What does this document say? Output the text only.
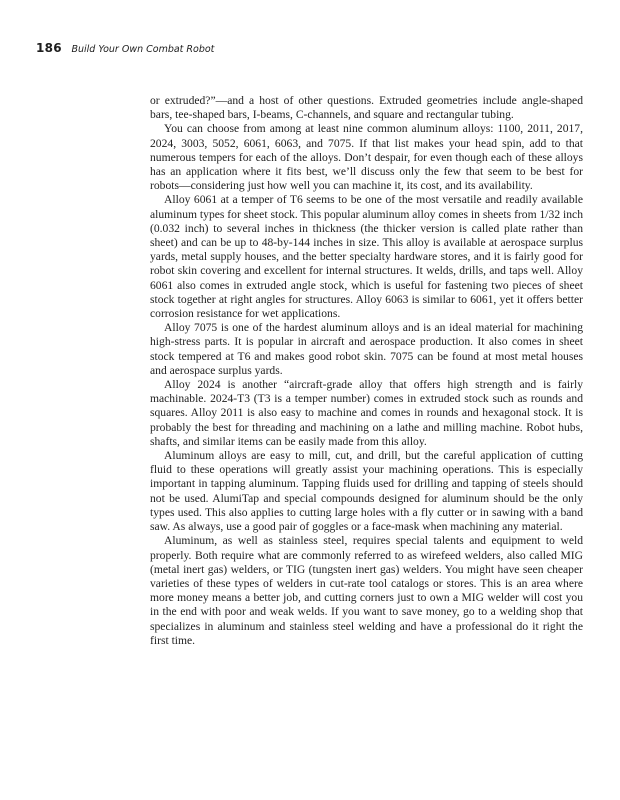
186 Build Your Own Combat Robot

or extruded?”—and a host of other questions. Extruded geometries include angle-shaped bars, tee-shaped bars, I-beams, C-channels, and square and rectangular tubing.

You can choose from among at least nine common aluminum alloys: 1100, 2011, 2017, 2024, 3003, 5052, 6061, 6063, and 7075. If that list makes your head spin, add to that numerous tempers for each of the alloys. Don’t despair, for even though each of these alloys has an application where it fits best, we’ll discuss only the few that seem to be best for robots—considering just how well you can machine it, its cost, and its availability.

Alloy 6061 at a temper of T6 seems to be one of the most versatile and readily available aluminum types for sheet stock. This popular aluminum alloy comes in sheets from 1/32 inch (0.032 inch) to several inches in thickness (the thicker version is called plate rather than sheet) and can be up to 48-by-144 inches in size. This alloy is available at aerospace surplus yards, metal supply houses, and the better specialty hardware stores, and it is fairly good for robot skin covering and excellent for internal structures. It welds, drills, and taps well. Alloy 6061 also comes in extruded angle stock, which is useful for fastening two pieces of sheet stock together at right angles for structures. Alloy 6063 is similar to 6061, yet it offers better corrosion resistance for wet applications.

Alloy 7075 is one of the hardest aluminum alloys and is an ideal material for machining high-stress parts. It is popular in aircraft and aerospace production. It also comes in sheet stock tempered at T6 and makes good robot skin. 7075 can be found at most metal houses and aerospace surplus yards.

Alloy 2024 is another “aircraft-grade alloy that offers high strength and is fairly machinable. 2024-T3 (T3 is a temper number) comes in extruded stock such as rounds and squares. Alloy 2011 is also easy to machine and comes in rounds and hexagonal stock. It is probably the best for threading and machining on a lathe and milling machine. Robot hubs, shafts, and similar items can be easily made from this alloy.

Aluminum alloys are easy to mill, cut, and drill, but the careful application of cutting fluid to these operations will greatly assist your machining operations. This is especially important in tapping aluminum. Tapping fluids used for drilling and tapping of steels should not be used. AlumiTap and special compounds designed for aluminum should be the only types used. This also applies to cutting large holes with a fly cutter or in sawing with a band saw. As always, use a good pair of goggles or a face-mask when machining any material.

Aluminum, as well as stainless steel, requires special talents and equipment to weld properly. Both require what are commonly referred to as wirefeed welders, also called MIG (metal inert gas) welders, or TIG (tungsten inert gas) welders. You might have seen cheaper varieties of these types of welders in cut-rate tool catalogs or stores. This is an area where more money means a better job, and cutting corners just to own a MIG welder will cost you in the end with poor and weak welds. If you want to save money, go to a welding shop that specializes in aluminum and stainless steel welding and have a professional do it right the first time.
